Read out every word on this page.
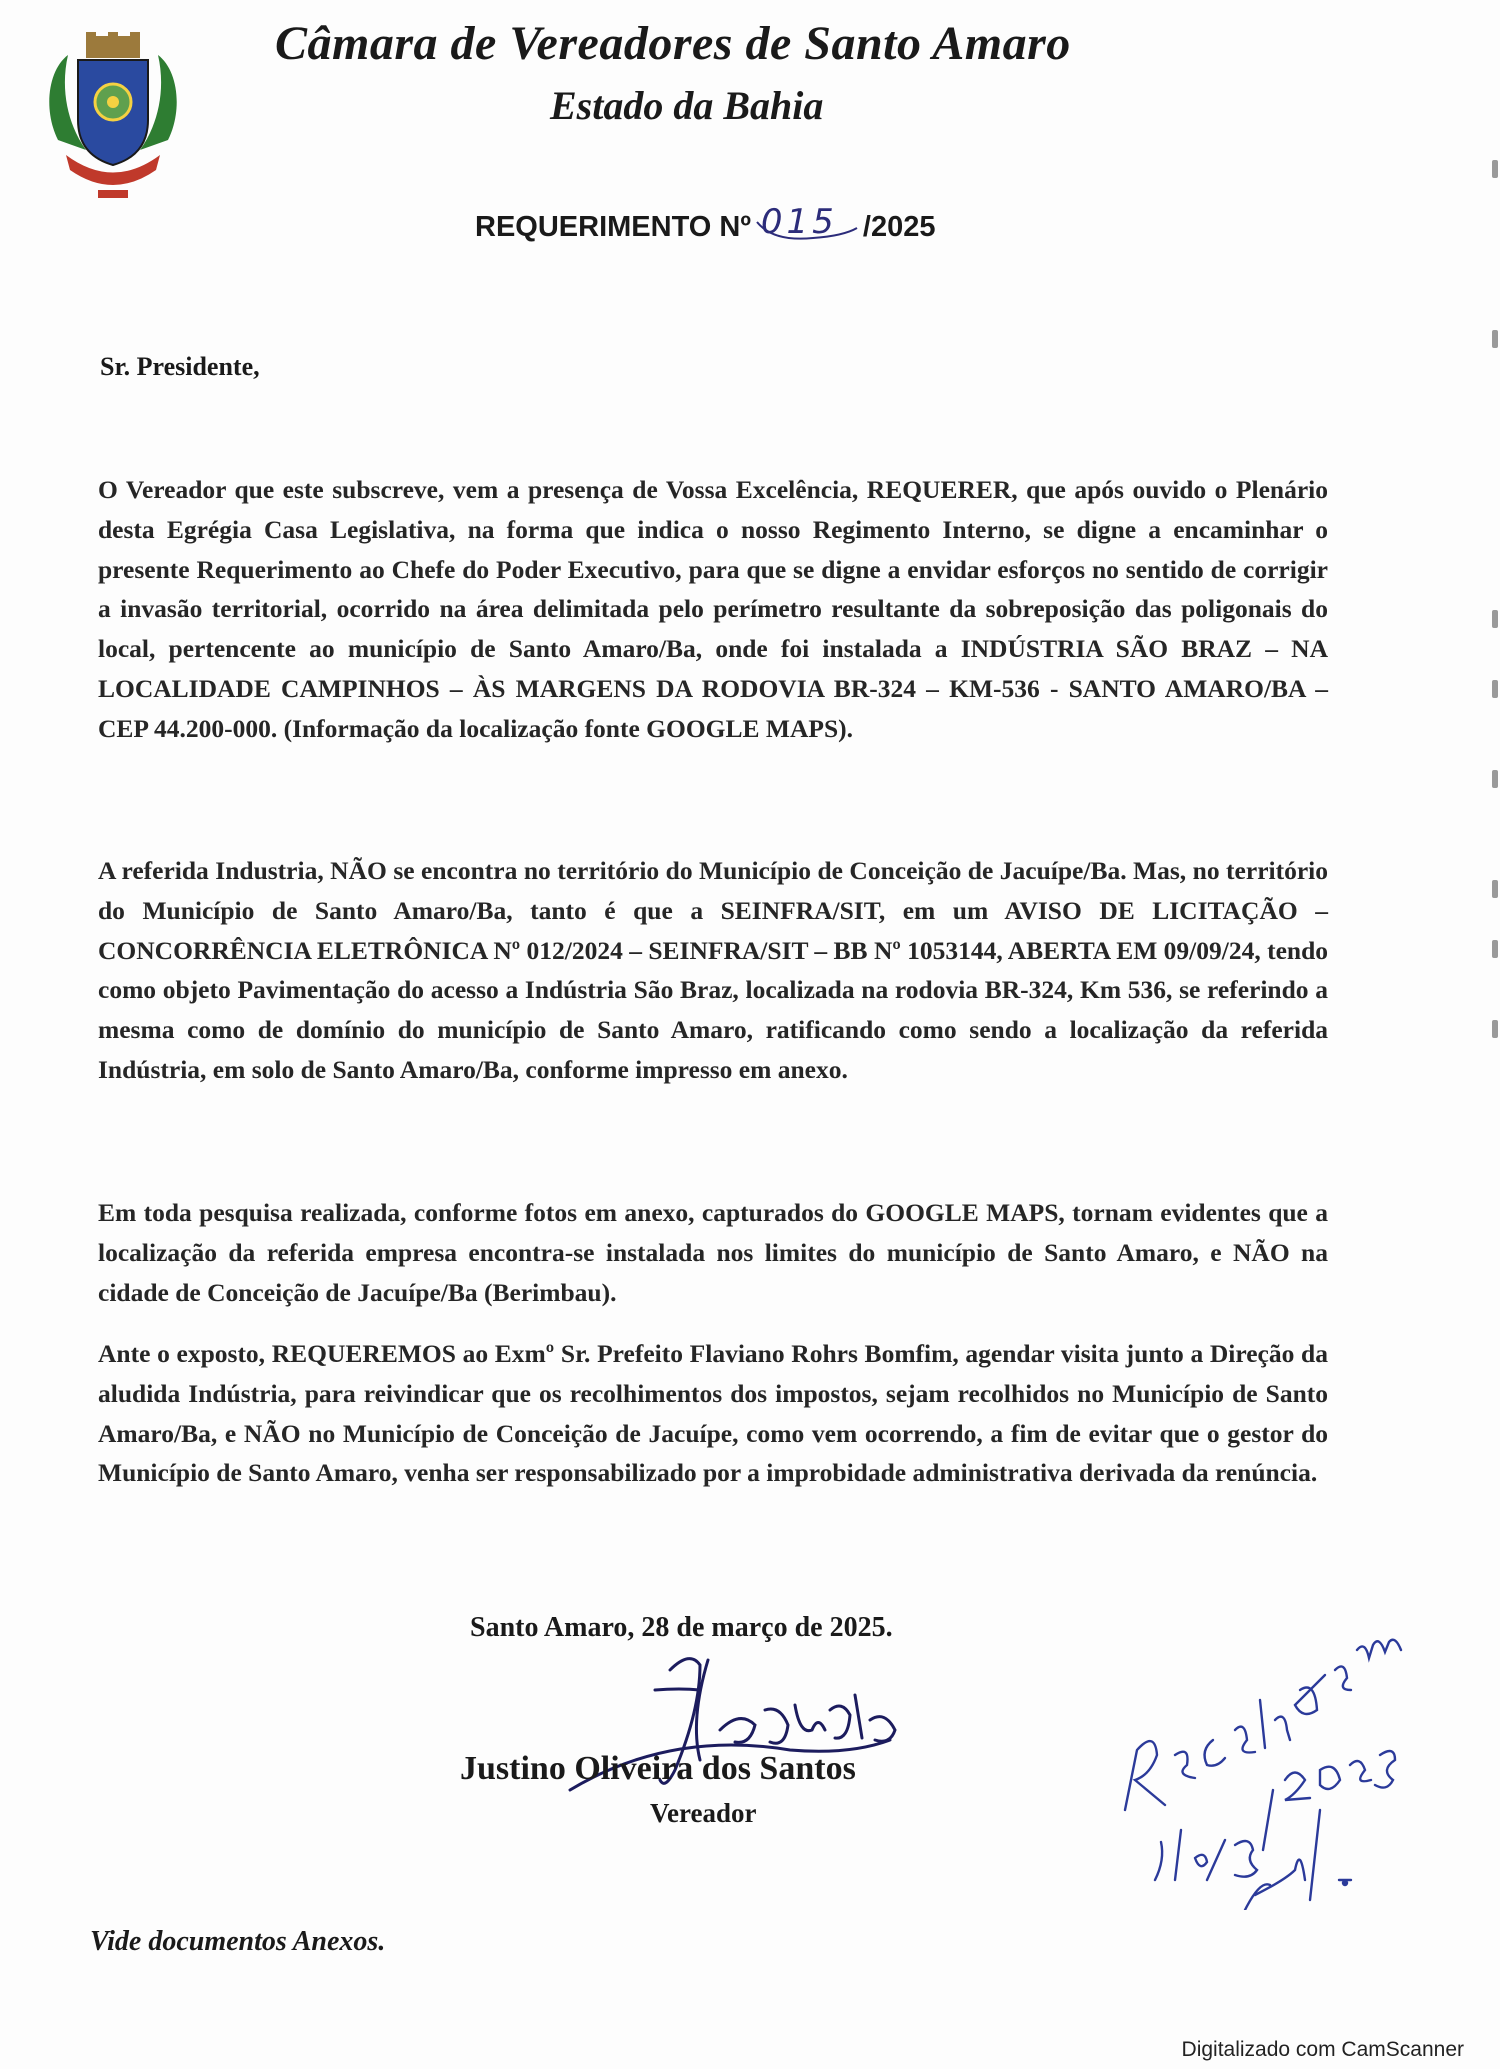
Câmara de Vereadores de Santo Amaro
Estado da Bahia
REQUERIMENTO Nº 015 /2025
Sr. Presidente,
O Vereador que este subscreve, vem a presença de Vossa Excelência, REQUERER, que após ouvido o Plenário desta Egrégia Casa Legislativa, na forma que indica o nosso Regimento Interno, se digne a encaminhar o presente Requerimento ao Chefe do Poder Executivo, para que se digne a envidar esforços no sentido de corrigir a invasão territorial, ocorrido na área delimitada pelo perímetro resultante da sobreposição das poligonais do local, pertencente ao município de Santo Amaro/Ba, onde foi instalada a INDÚSTRIA SÃO BRAZ – NA LOCALIDADE CAMPINHOS – ÀS MARGENS DA RODOVIA BR-324 – KM-536 - SANTO AMARO/BA – CEP 44.200-000. (Informação da localização fonte GOOGLE MAPS).
A referida Industria, NÃO se encontra no território do Município de Conceição de Jacuípe/Ba. Mas, no território do Município de Santo Amaro/Ba, tanto é que a SEINFRA/SIT, em um AVISO DE LICITAÇÃO – CONCORRÊNCIA ELETRÔNICA Nº 012/2024 – SEINFRA/SIT – BB Nº 1053144, ABERTA EM 09/09/24, tendo como objeto Pavimentação do acesso a Indústria São Braz, localizada na rodovia BR-324, Km 536, se referindo a mesma como de domínio do município de Santo Amaro, ratificando como sendo a localização da referida Indústria, em solo de Santo Amaro/Ba, conforme impresso em anexo.
Em toda pesquisa realizada, conforme fotos em anexo, capturados do GOOGLE MAPS, tornam evidentes que a localização da referida empresa encontra-se instalada nos limites do município de Santo Amaro, e NÃO na cidade de Conceição de Jacuípe/Ba (Berimbau).
Ante o exposto, REQUEREMOS ao Exmº Sr. Prefeito Flaviano Rohrs Bomfim, agendar visita junto a Direção da aludida Indústria, para reivindicar que os recolhimentos dos impostos, sejam recolhidos no Município de Santo Amaro/Ba, e NÃO no Município de Conceição de Jacuípe, como vem ocorrendo, a fim de evitar que o gestor do Município de Santo Amaro, venha ser responsabilizado por a improbidade administrativa derivada da renúncia.
Santo Amaro, 28 de março de 2025.
Justino Oliveira dos Santos
Vereador
Vide documentos Anexos.
Digitalizado com CamScanner
